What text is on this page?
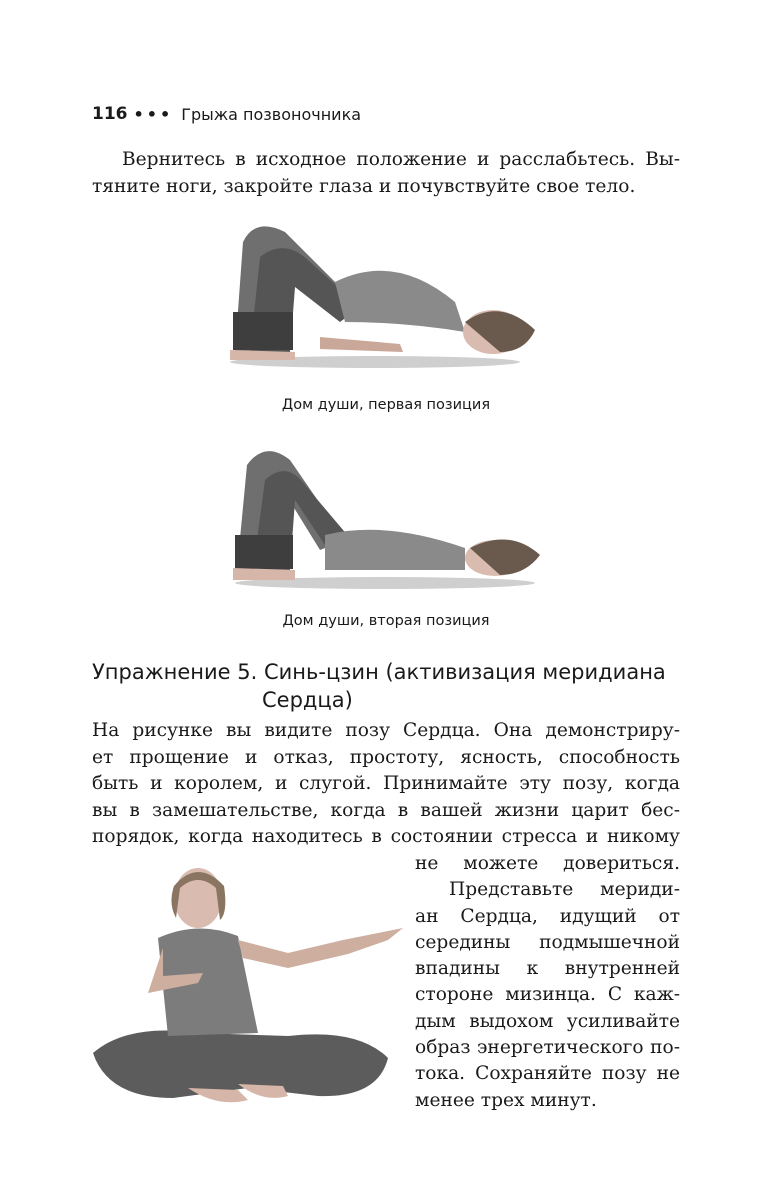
116 ••• Грыжа позвоночника

Вернитесь в исходное положение и расслабьтесь. Вы-
тяните ноги, закройте глаза и почувствуйте свое тело.

Дом души, первая позиция
Дом души, вторая позиция
Упражнение 5. Синь-цзин (активизация меридиана
Сердца)

На рисунке вы видите позу Сердца. Она демонстриру-
ет прощение и отказ, простоту, ясность, способность
быть и королем, и слугой. Принимайте эту позу, когда
вы в замешательстве, когда в вашей жизни царит бес-
порядок, когда находитесь в состоянии стресса и никому

не можете довериться.
Представьте мериди-
ан Сердца, идущий от
середины подмышечной
впадины к внутренней
стороне мизинца. С каж-
дым выдохом усиливайте
образ энергетического по-
тока. Сохраняйте позу не
менее трех минут.
